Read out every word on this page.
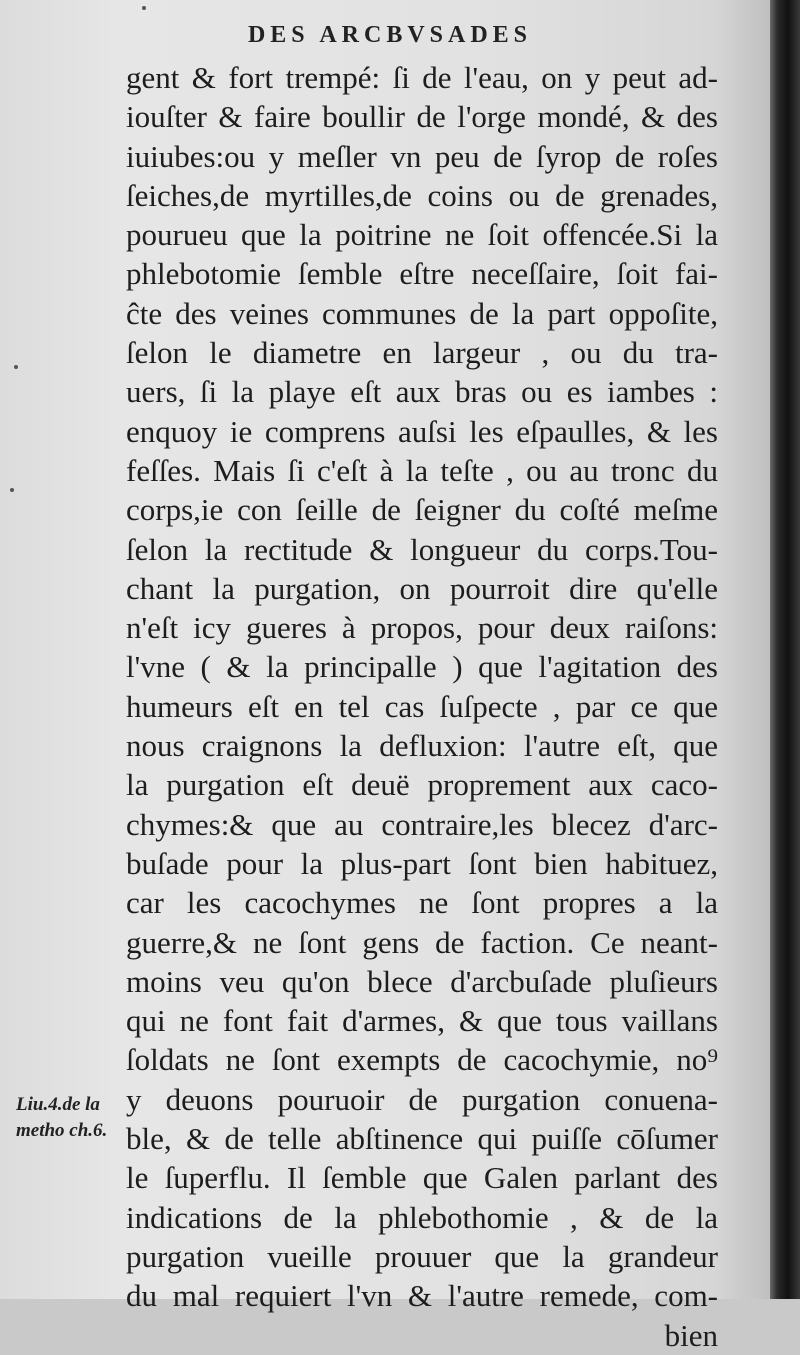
DES ARCBVSADES
gent & fort trempé: ſi de l'eau, on y peut ad-
iouſter & faire boullir de l'orge mondé, & des
iuiubes:ou y meſler vn peu de ſyrop de roſes
ſeiches,de myrtilles,de coins ou de grenades,
pourueu que la poitrine ne ſoit offencée.Si la
phlebotomie ſemble eſtre neceſſaire, ſoit fai-
ĉte des veines communes de la part oppoſite,
ſelon le diametre en largeur , ou du tra-
uers, ſi la playe eſt aux bras ou es iambes :
enquoy ie comprens auſsi les eſpaulles, & les
feſſes. Mais ſi c'eſt à la teſte , ou au tronc du
corps,ie con ſeille de ſeigner du coſté meſme
ſelon la rectitude & longueur du corps.Tou-
chant la purgation, on pourroit dire qu'elle
n'eſt icy gueres à propos, pour deux raiſons:
l'vne ( & la principalle ) que l'agitation des
humeurs eſt en tel cas ſuſpecte , par ce que
nous craignons la defluxion: l'autre eſt, que
la purgation eſt deuë proprement aux caco-
chymes:& que au contraire,les blecez d'arc-
buſade pour la plus-part ſont bien habituez,
car les cacochymes ne ſont propres a la
guerre,& ne ſont gens de faction. Ce neant-
moins veu qu'on blece d'arcbuſade pluſieurs
qui ne font fait d'armes, & que tous vaillans
ſoldats ne ſont exempts de cacochymie, no⁹
y deuons pouruoir de purgation conuena-
ble, & de telle abſtinence qui puiſſe cōſumer
le ſuperflu. Il ſemble que Galen parlant des
indications de la phlebothomie , & de la
purgation vueille prouuer que la grandeur
du mal requiert l'vn & l'autre remede, com-
bien
Liu.4.de la
metho ch.6.
